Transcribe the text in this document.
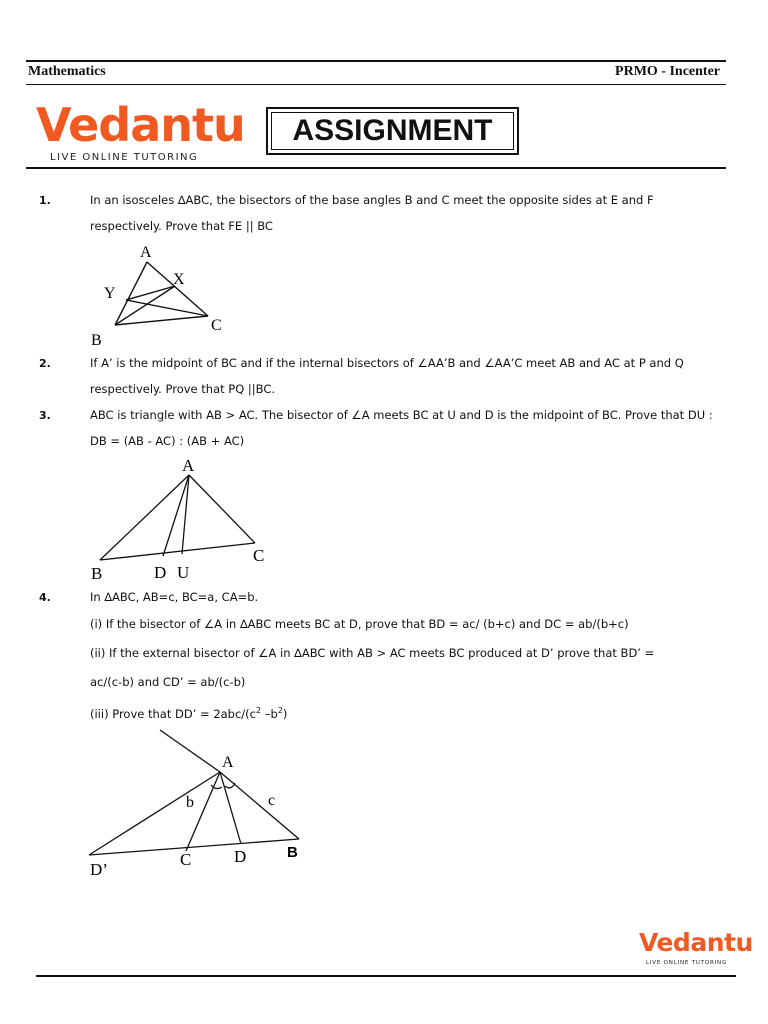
Mathematics	PRMO - Incenter
Vedantu
LIVE ONLINE TUTORING
ASSIGNMENT
1.	In an isosceles ∆ABC, the bisectors of the base angles B and C meet the opposite sides at E and F
respectively. Prove that FE || BC
A
X
Y
B
C
2.	If A’ is the midpoint of BC and if the internal bisectors of ∠AA’B and ∠AA’C meet AB and AC at P and Q
respectively. Prove that PQ ||BC.
3.	ABC is triangle with AB > AC. The bisector of ∠A meets BC at U and D is the midpoint of BC. Prove that DU :
DB = (AB - AC) : (AB + AC)
A
B	D U
C
4.	In ∆ABC, AB=c, BC=a, CA=b.
(i) If the bisector of ∠A in ∆ABC meets BC at D, prove that BD = ac/ (b+c) and DC = ab/(b+c)
(ii) If the external bisector of ∠A in ∆ABC with AB > AC meets BC produced at D’ prove that BD’ =
ac/(c-b) and CD’ = ab/(c-b)
(iii) Prove that DD’ = $2abc/(c^2$ $-b^2$)
A
b	c
D’
C	D	B
Vedantu
LIVE ONLINE TUTORING
